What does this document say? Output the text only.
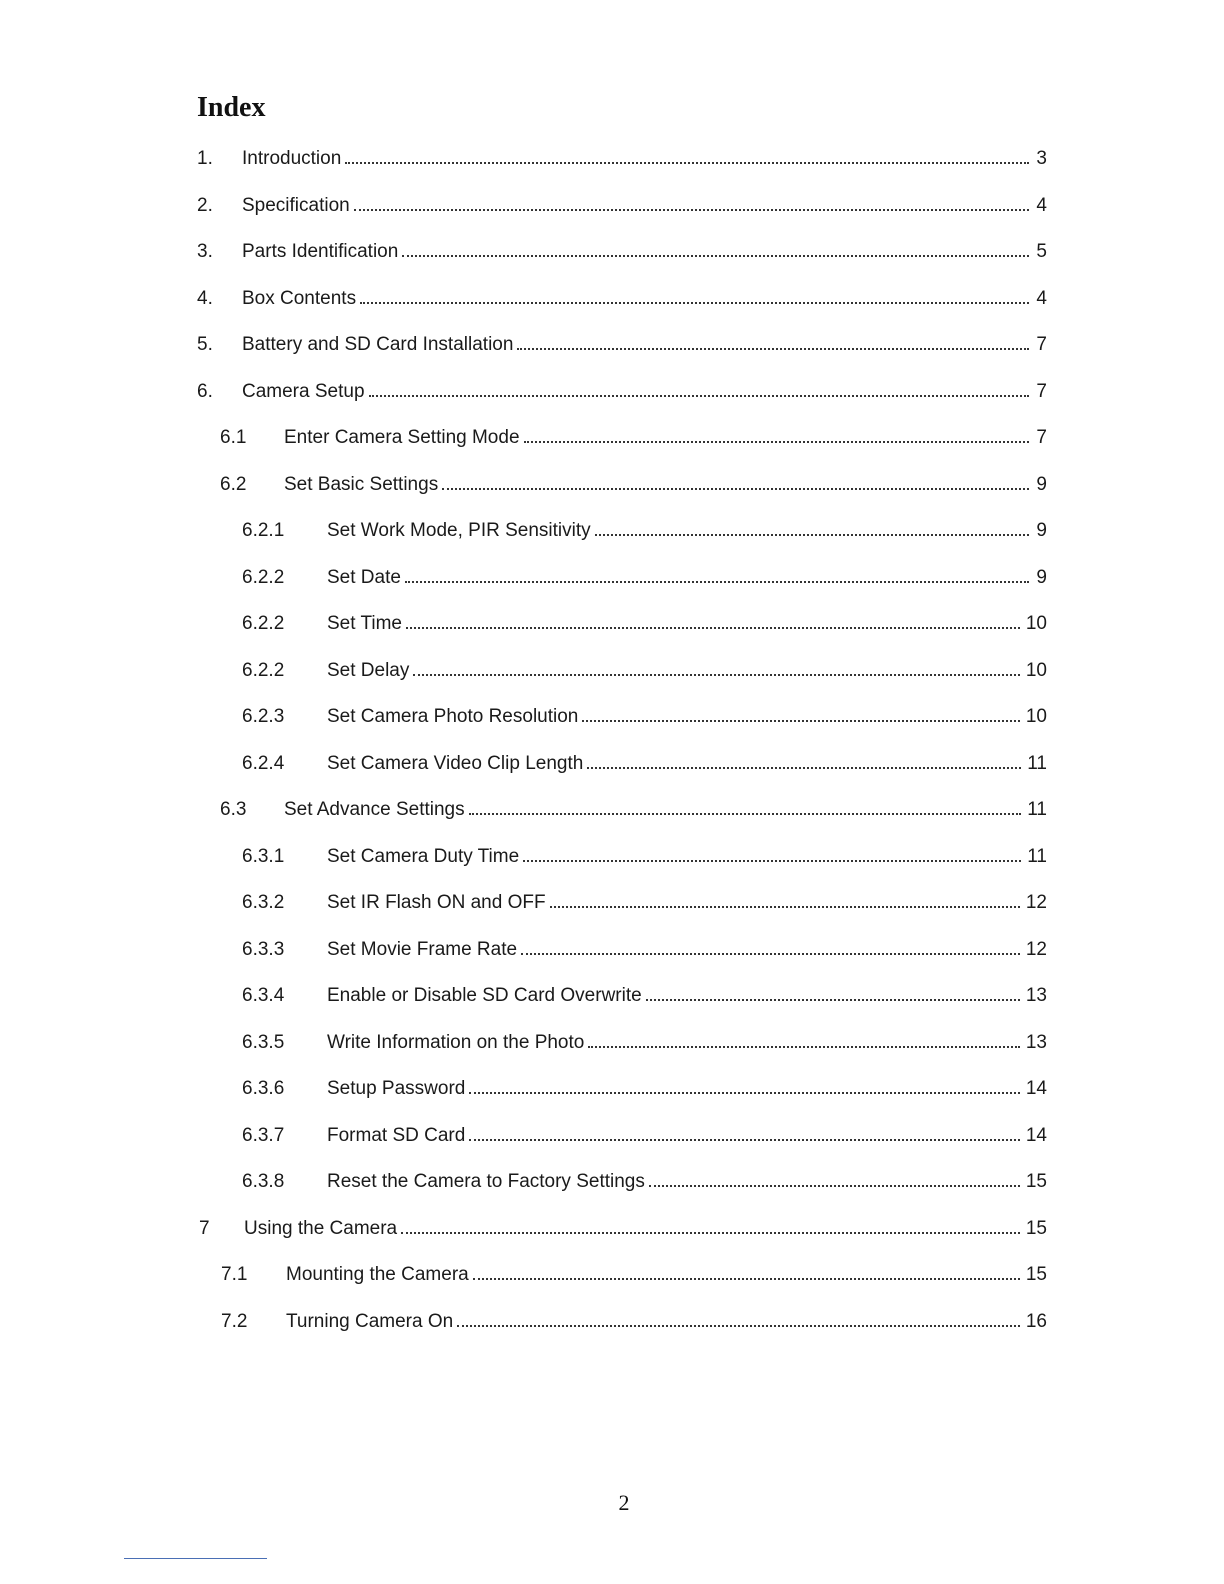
Index
1. Introduction	3
2. Specification	4
3. Parts Identification	5
4. Box Contents	4
5. Battery and SD Card Installation	7
6. Camera Setup	7
6.1 Enter Camera Setting Mode	7
6.2 Set Basic Settings	9
6.2.1 Set Work Mode, PIR Sensitivity	9
6.2.2 Set Date	9
6.2.2 Set Time	10
6.2.2 Set Delay	10
6.2.3 Set Camera Photo Resolution	10
6.2.4 Set Camera Video Clip Length	11
6.3 Set Advance Settings	11
6.3.1 Set Camera Duty Time	11
6.3.2 Set IR Flash ON and OFF	12
6.3.3 Set Movie Frame Rate	12
6.3.4 Enable or Disable SD Card Overwrite	13
6.3.5 Write Information on the Photo	13
6.3.6 Setup Password	14
6.3.7 Format SD Card	14
6.3.8 Reset the Camera to Factory Settings	15
7 Using the Camera	15
7.1 Mounting the Camera	15
7.2 Turning Camera On	16
2
